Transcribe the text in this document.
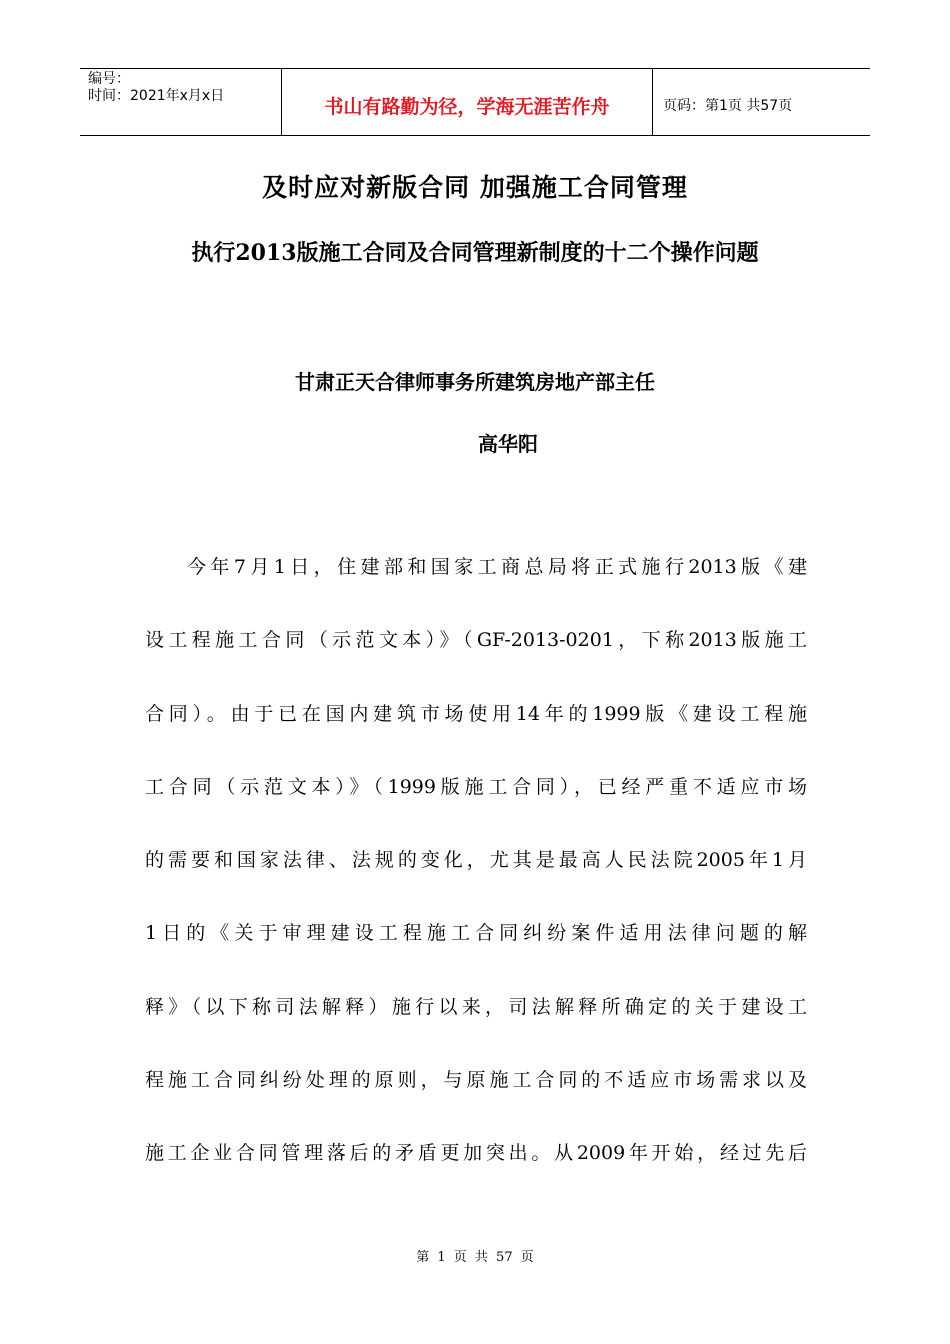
编号：
时间：2021年x月x日	书山有路勤为径，学海无涯苦作舟	页码：第1页 共57页
及时应对新版合同 加强施工合同管理
执行2013版施工合同及合同管理新制度的十二个操作问题
甘肃正天合律师事务所建筑房地产部主任
高华阳
今年7月1日，住建部和国家工商总局将正式施行2013版《建
设工程施工合同（示范文本）》（GF-2013-0201，下称2013版施工
合同）。由于已在国内建筑市场使用14年的1999版《建设工程施
工合同（示范文本）》（1999版施工合同），已经严重不适应市场
的需要和国家法律、法规的变化，尤其是最高人民法院2005年1月
1日的《关于审理建设工程施工合同纠纷案件适用法律问题的解
释》（以下称司法解释）施行以来，司法解释所确定的关于建设工
程施工合同纠纷处理的原则，与原施工合同的不适应市场需求以及
施工企业合同管理落后的矛盾更加突出。从2009年开始，经过先后
第 1 页 共 57 页
